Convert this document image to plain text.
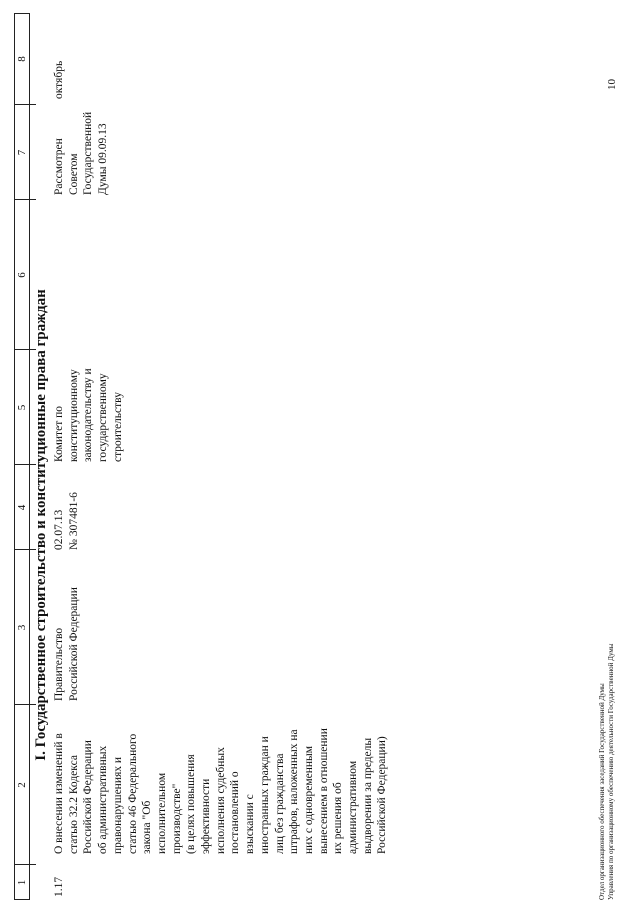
1
2
3
4
5
6
7
8
I. Государственное строительство и конституционные права граждан
1.17
О внесении изменений в
статью 32.2 Кодекса
Российской Федерации
об административных
правонарушениях и
статью 46 Федерального
закона "Об
исполнительном
производстве"
(в целях повышения
эффективности
исполнения судебных
постановлений о
взыскании с
иностранных граждан и
лиц без гражданства
штрафов, наложенных на
них с одновременным
вынесением в отношении
их решения об
административном
выдворении за пределы
Российской Федерации)
Правительство
Российской Федерации
02.07.13
№ 307481-6
Комитет по
конституционному
законодательству и
государственному
строительству
Рассмотрен
Советом
Государственной
Думы 09.09.13
октябрь	10
Отдел организационного обеспечения заседаний Государственной Думы
Управления по организационному обеспечению деятельности Государственной Думы
